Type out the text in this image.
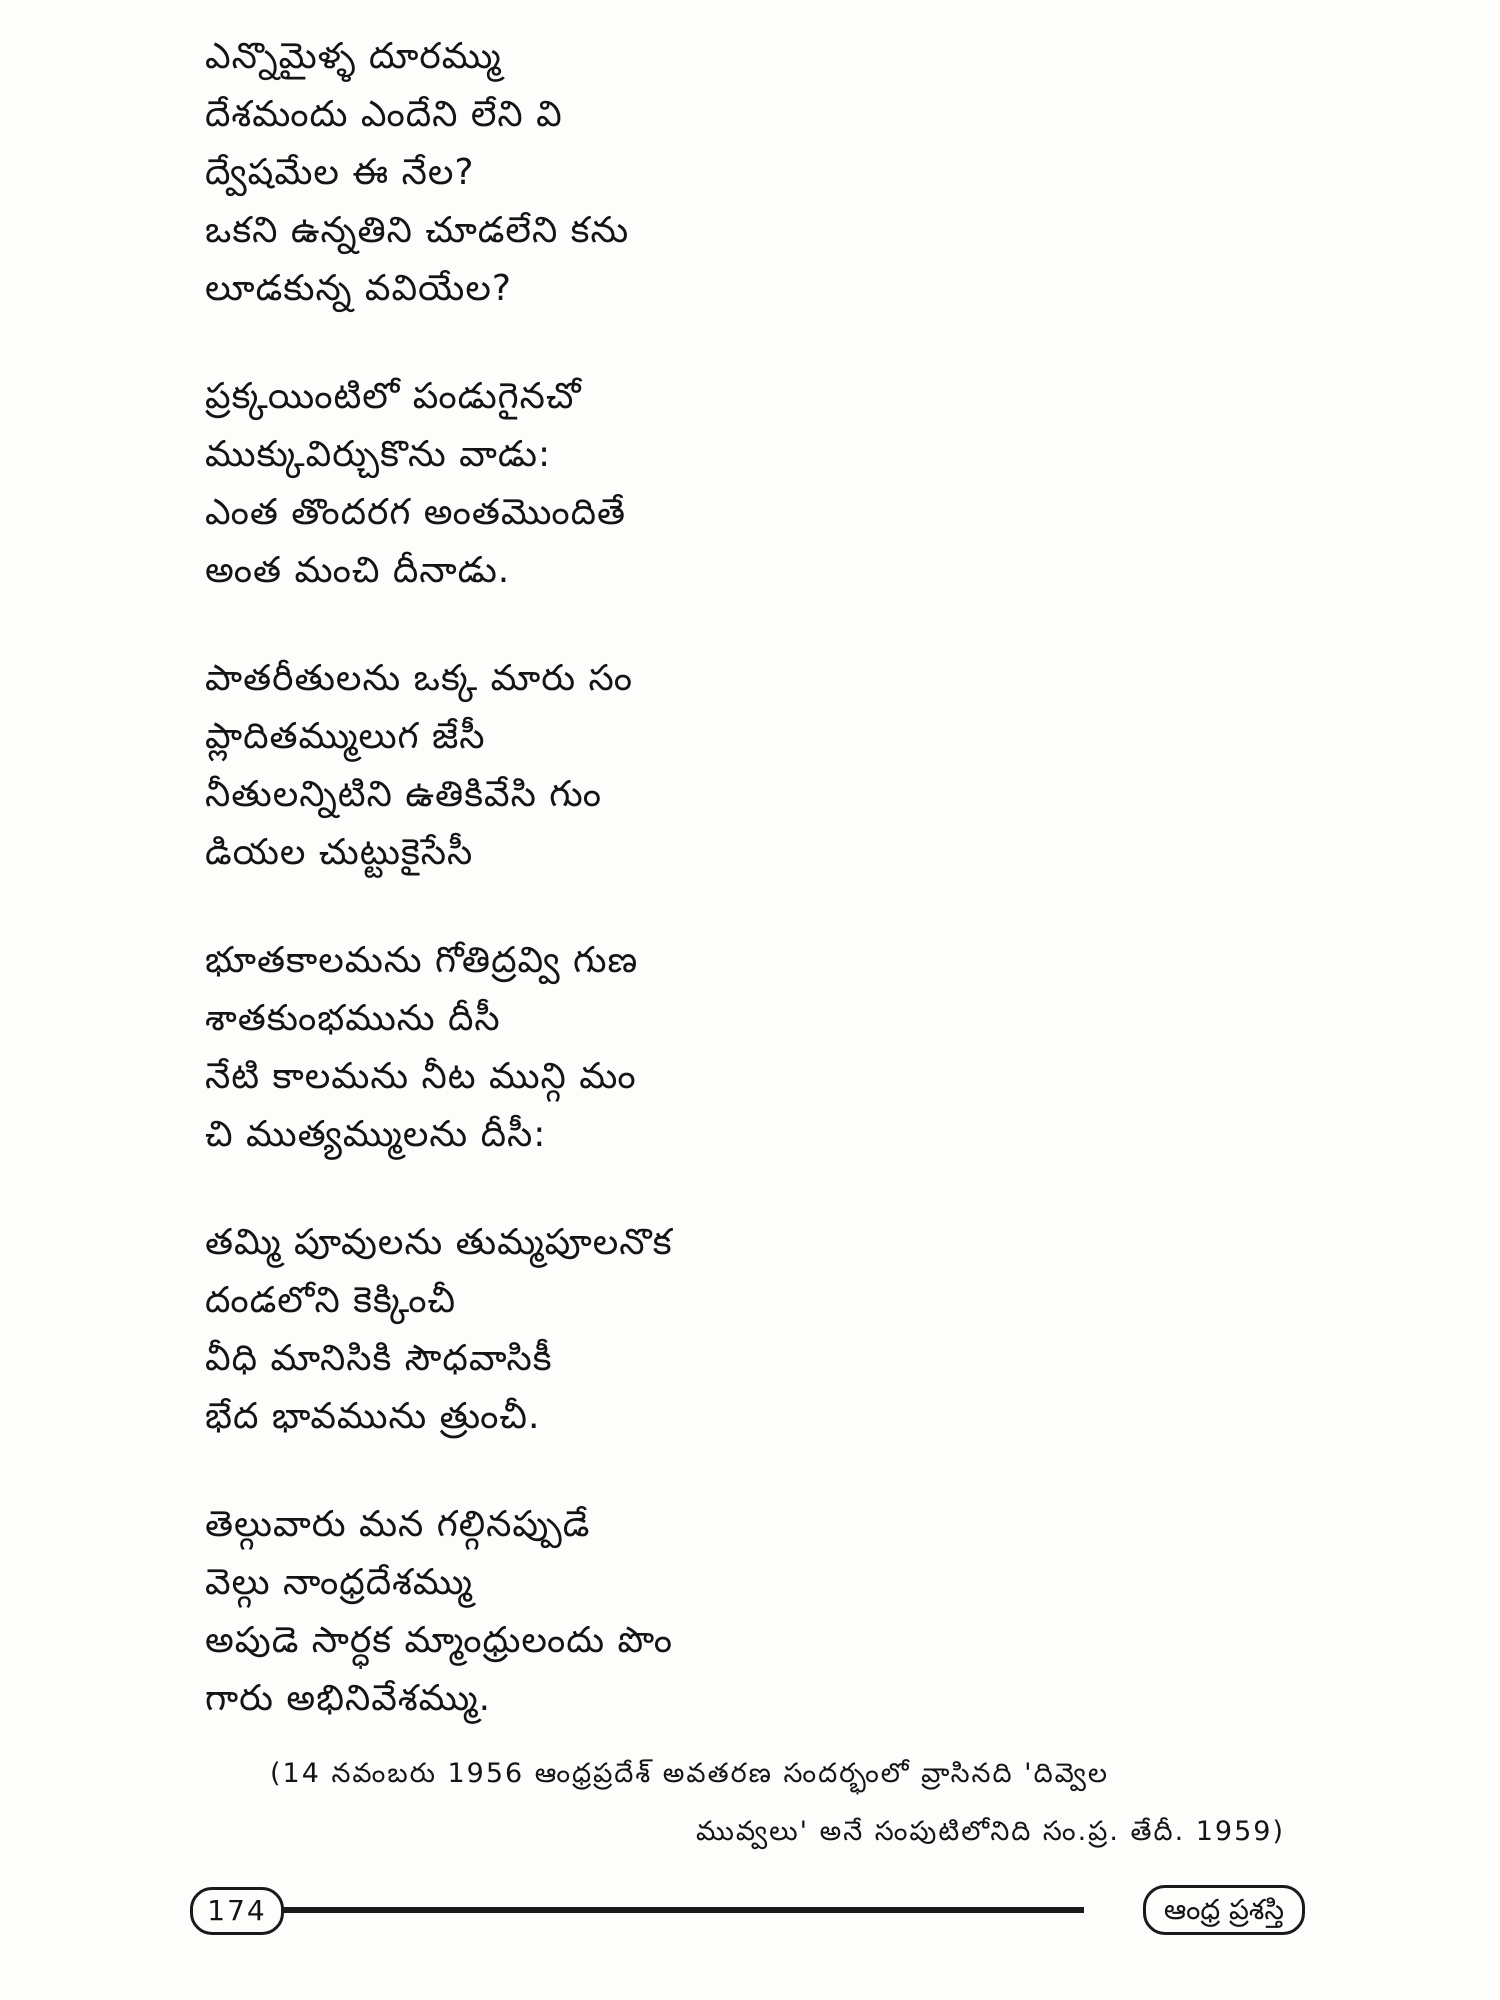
ఎన్నొమైళ్ళ దూరమ్ము
దేశమందు ఎందేని లేని వి
ద్వేషమేల ఈ నేల?
ఒకని ఉన్నతిని చూడలేని కను
లూడకున్న వవియేల?
ప్రక్కయింటిలో పండుగైనచో
ముక్కువిర్చుకొను వాడు:
ఎంత తొందరగ అంతమొందితే
అంత మంచి దీనాడు.
పాతరీతులను ఒక్క మారు సం
ప్లాదితమ్ములుగ జేసీ
నీతులన్నిటిని ఉతికివేసి గుం
డియల చుట్టుకైసేసీ
భూతకాలమను గోతిద్రవ్వి గుణ
శాతకుంభమును దీసీ
నేటి కాలమను నీట మున్గి మం
చి ముత్యమ్ములను దీసీ:
తమ్మి పూవులను తుమ్మపూలనొక
దండలోని కెక్కించీ
వీధి మానిసికి సౌధవాసికీ
భేద భావమును త్రుంచీ.
తెల్గువారు మన గల్గినప్పుడే
వెల్గు నాంధ్రదేశమ్ము
అపుడె సార్ధక మ్మాంధ్రులందు పొం
గారు అభినివేశమ్ము.
(14 నవంబరు 1956 ఆంధ్రప్రదేశ్ అవతరణ సందర్భంలో వ్రాసినది 'దివ్వెల
మువ్వలు' అనే సంపుటిలోనిది సం.ప్ర. తేదీ. 1959)
174	ఆంధ్ర ప్రశస్తి
